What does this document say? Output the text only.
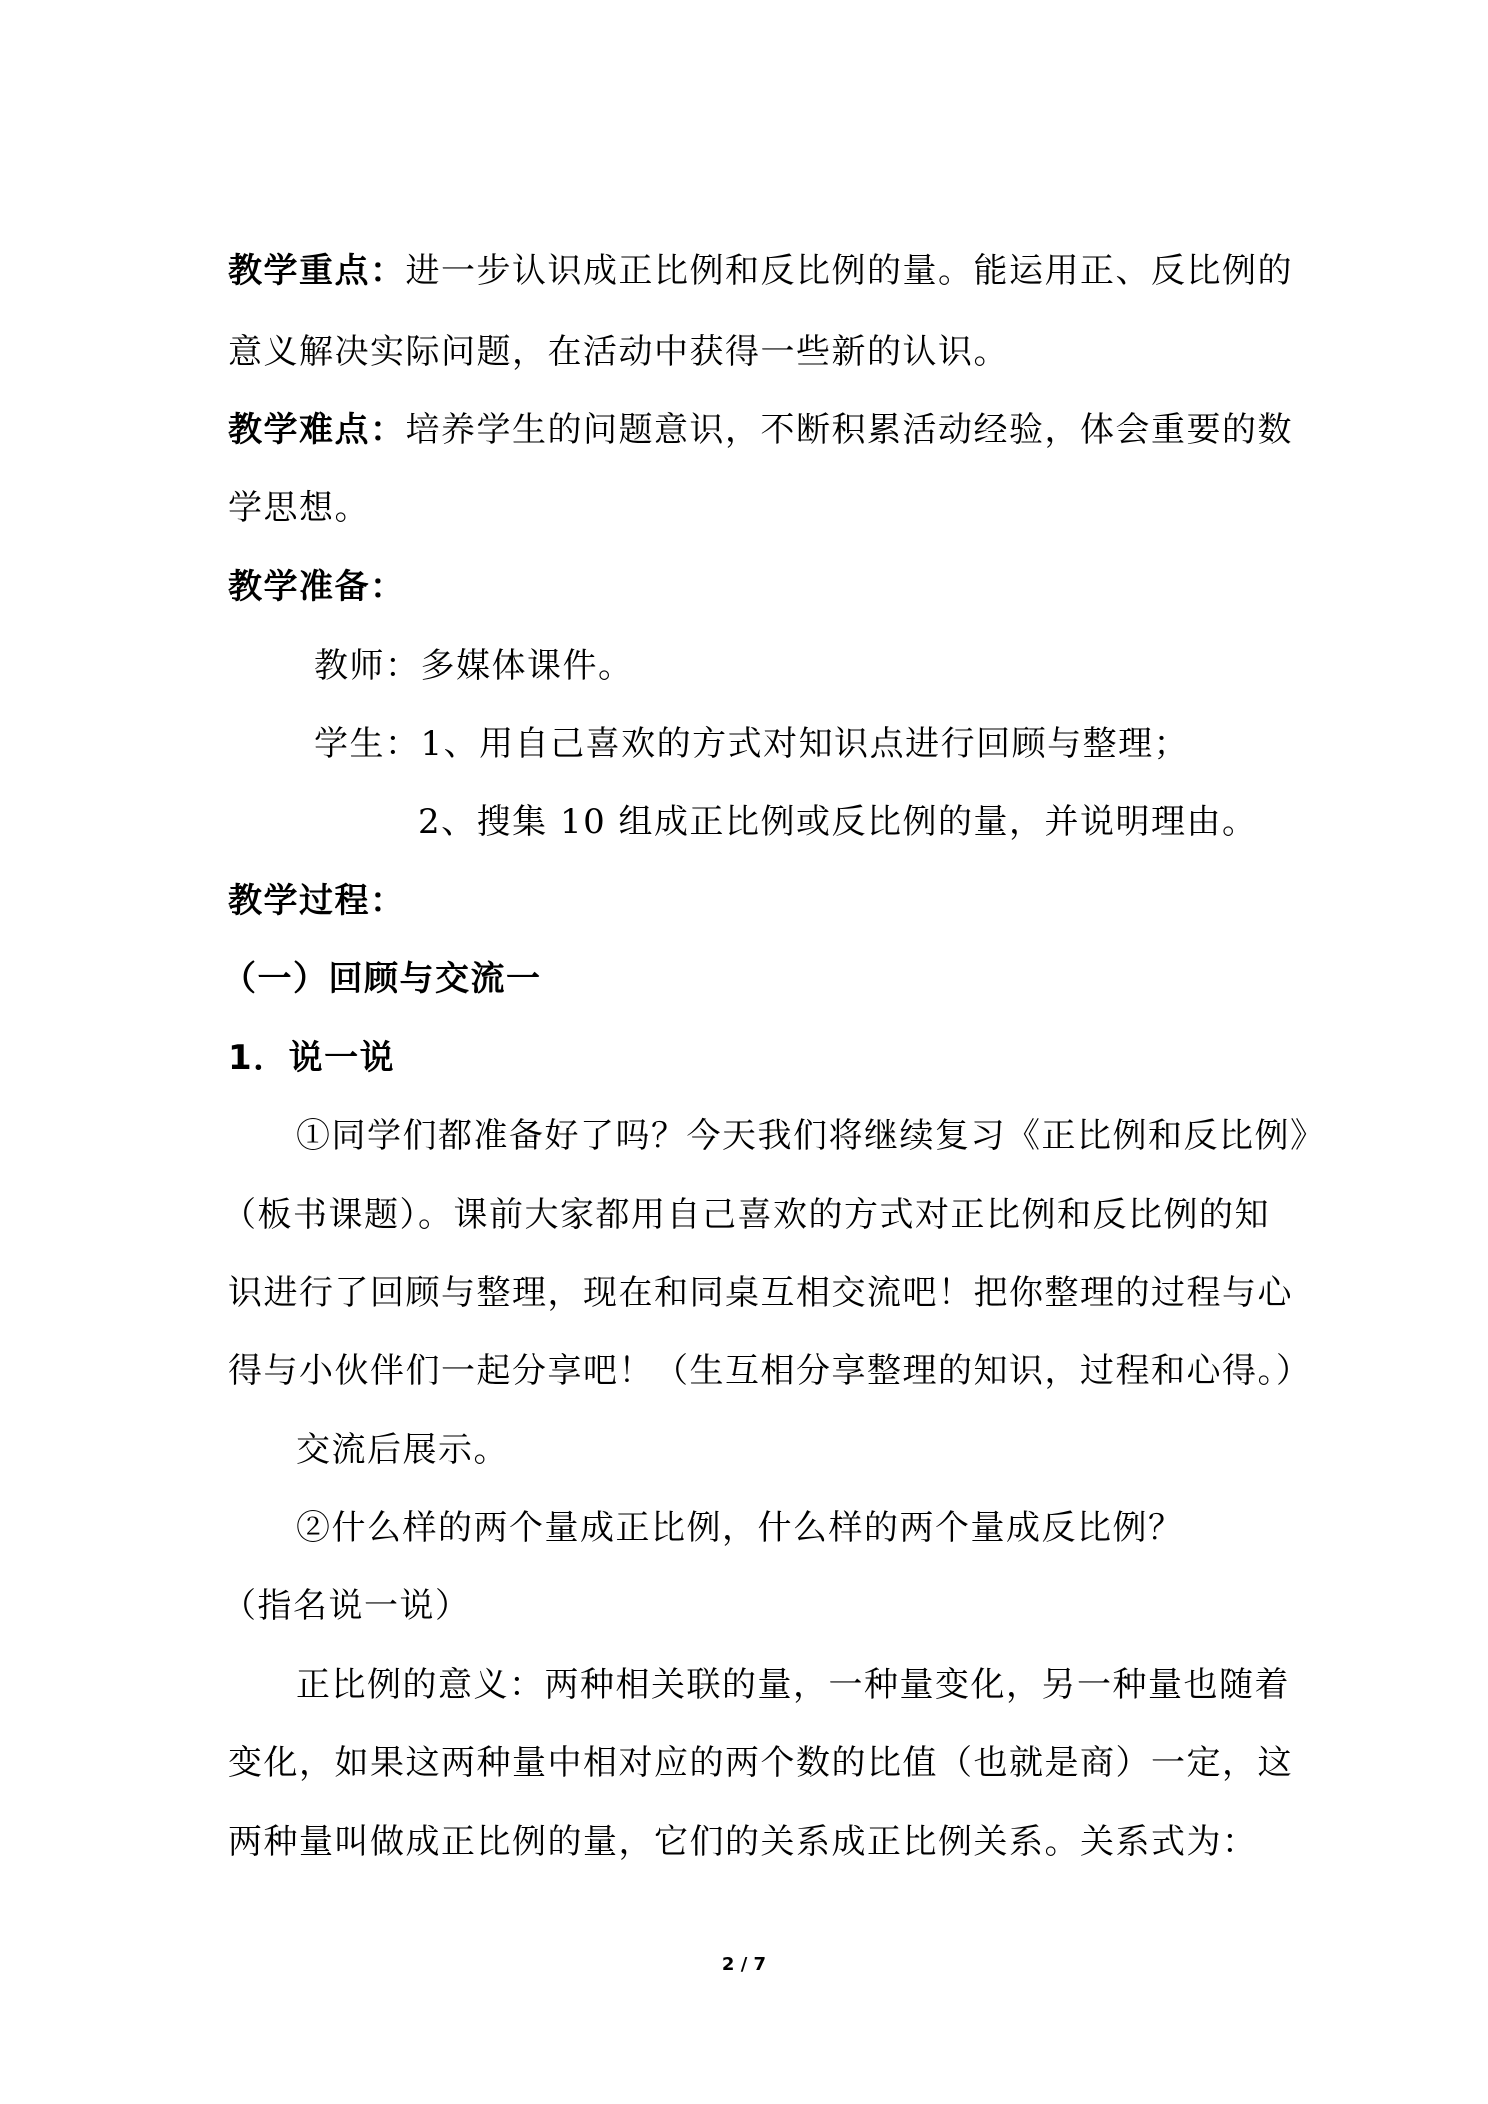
教学重点：进一步认识成正比例和反比例的量。能运用正、反比例的
意义解决实际问题，在活动中获得一些新的认识。
教学难点：培养学生的问题意识，不断积累活动经验，体会重要的数
学思想。
教学准备：
教师：多媒体课件。
学生：1、用自己喜欢的方式对知识点进行回顾与整理；
2、搜集 10 组成正比例或反比例的量，并说明理由。
教学过程：
（一）回顾与交流一
1．说一说
①同学们都准备好了吗？今天我们将继续复习《正比例和反比例》
（板书课题）。课前大家都用自己喜欢的方式对正比例和反比例的知
识进行了回顾与整理，现在和同桌互相交流吧！把你整理的过程与心
得与小伙伴们一起分享吧！（生互相分享整理的知识，过程和心得。）
交流后展示。
②什么样的两个量成正比例，什么样的两个量成反比例？
（指名说一说）
正比例的意义：两种相关联的量，一种量变化，另一种量也随着
变化，如果这两种量中相对应的两个数的比值（也就是商）一定，这
两种量叫做成正比例的量，它们的关系成正比例关系。关系式为：
2 / 7
